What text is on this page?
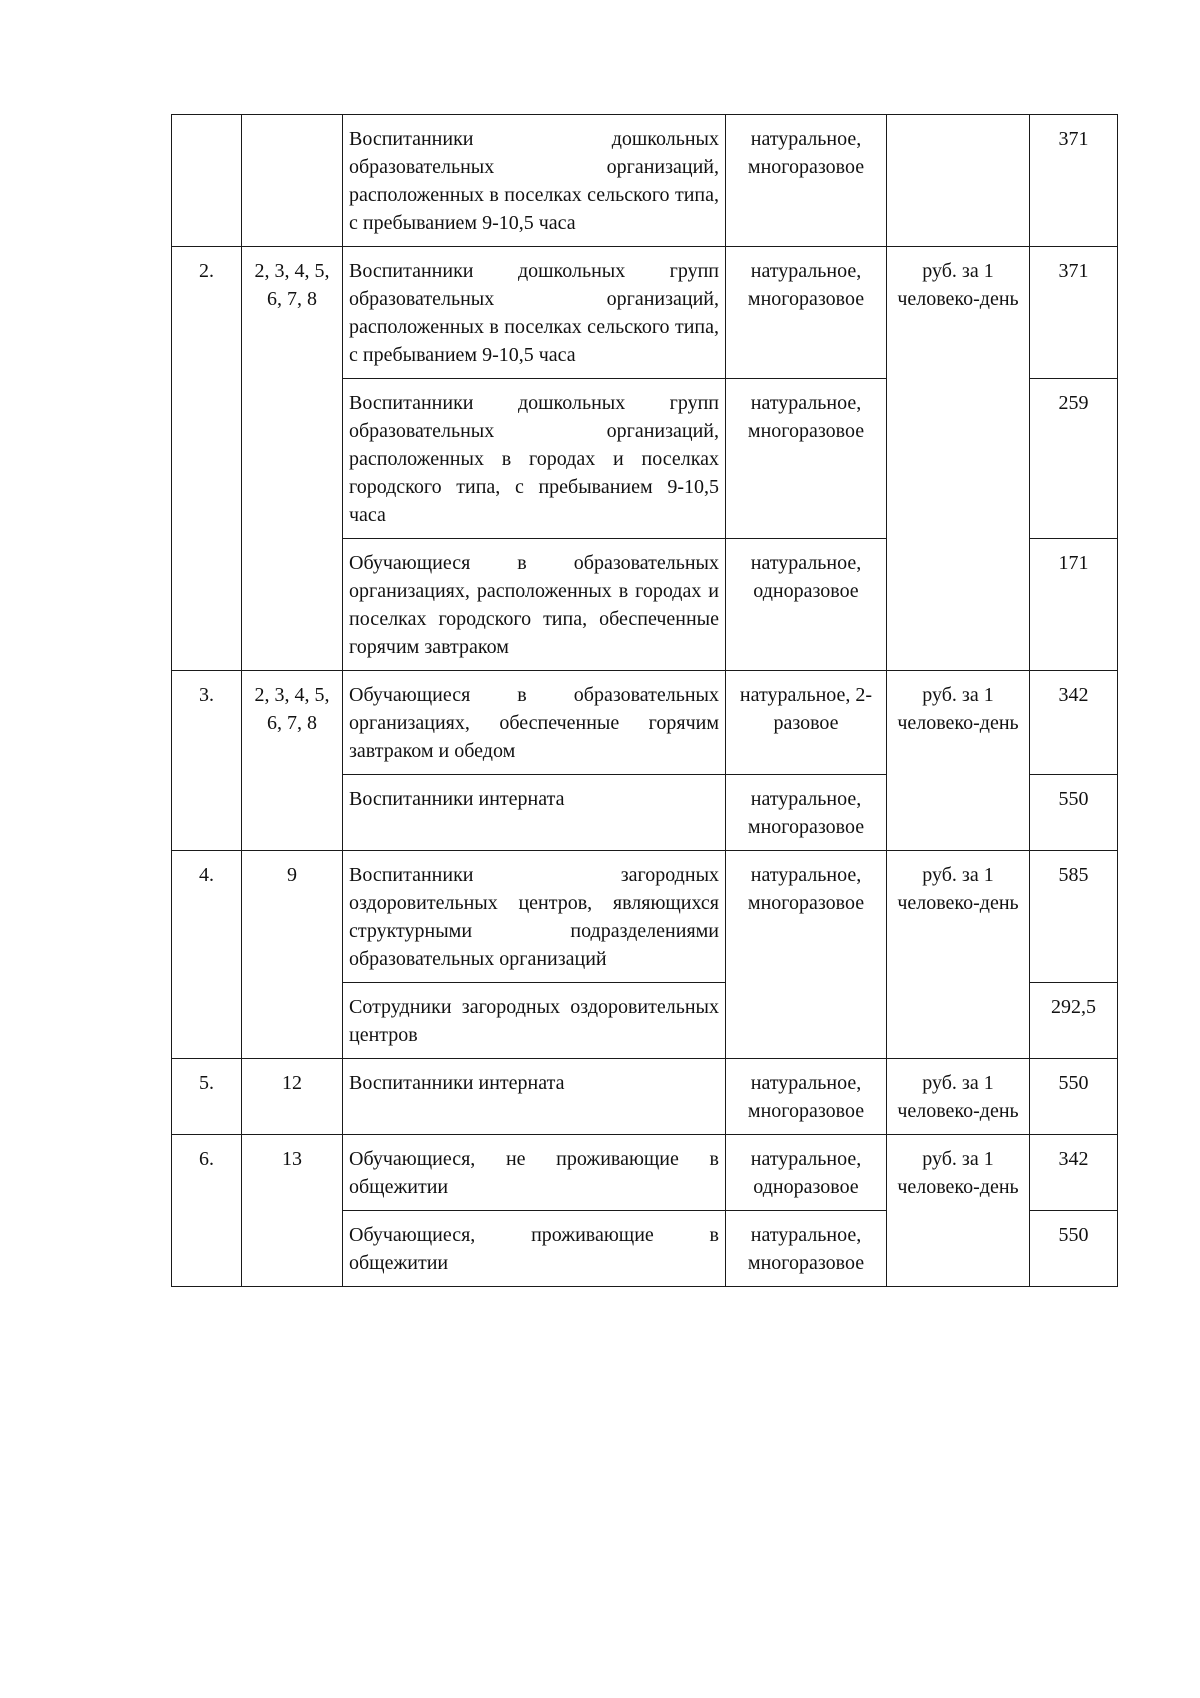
		Воспитанники дошкольных образовательных организаций, расположенных в поселках сельского типа, с пребыванием 9-10,5 часа	натуральное, многоразовое		371
2.	2, 3, 4, 5, 6, 7, 8	Воспитанники дошкольных групп образовательных организаций, расположенных в поселках сельского типа, с пребыванием 9-10,5 часа	натуральное, многоразовое	руб. за 1 человеко-день	371
		Воспитанники дошкольных групп образовательных организаций, расположенных в городах и поселках городского типа, с пребыванием 9-10,5 часа	натуральное, многоразовое		259
		Обучающиеся в образовательных организациях, расположенных в городах и поселках городского типа, обеспеченные горячим завтраком	натуральное, одноразовое		171
3.	2, 3, 4, 5, 6, 7, 8	Обучающиеся в образовательных организациях, обеспеченные горячим завтраком и обедом	натуральное, 2-разовое	руб. за 1 человеко-день	342
		Воспитанники интерната	натуральное, многоразовое		550
4.	9	Воспитанники загородных оздоровительных центров, являющихся структурными подразделениями образовательных организаций	натуральное, многоразовое	руб. за 1 человеко-день	585
		Сотрудники загородных оздоровительных центров			292,5
5.	12	Воспитанники интерната	натуральное, многоразовое	руб. за 1 человеко-день	550
6.	13	Обучающиеся, не проживающие в общежитии	натуральное, одноразовое	руб. за 1 человеко-день	342
		Обучающиеся, проживающие в общежитии	натуральное, многоразовое		550
